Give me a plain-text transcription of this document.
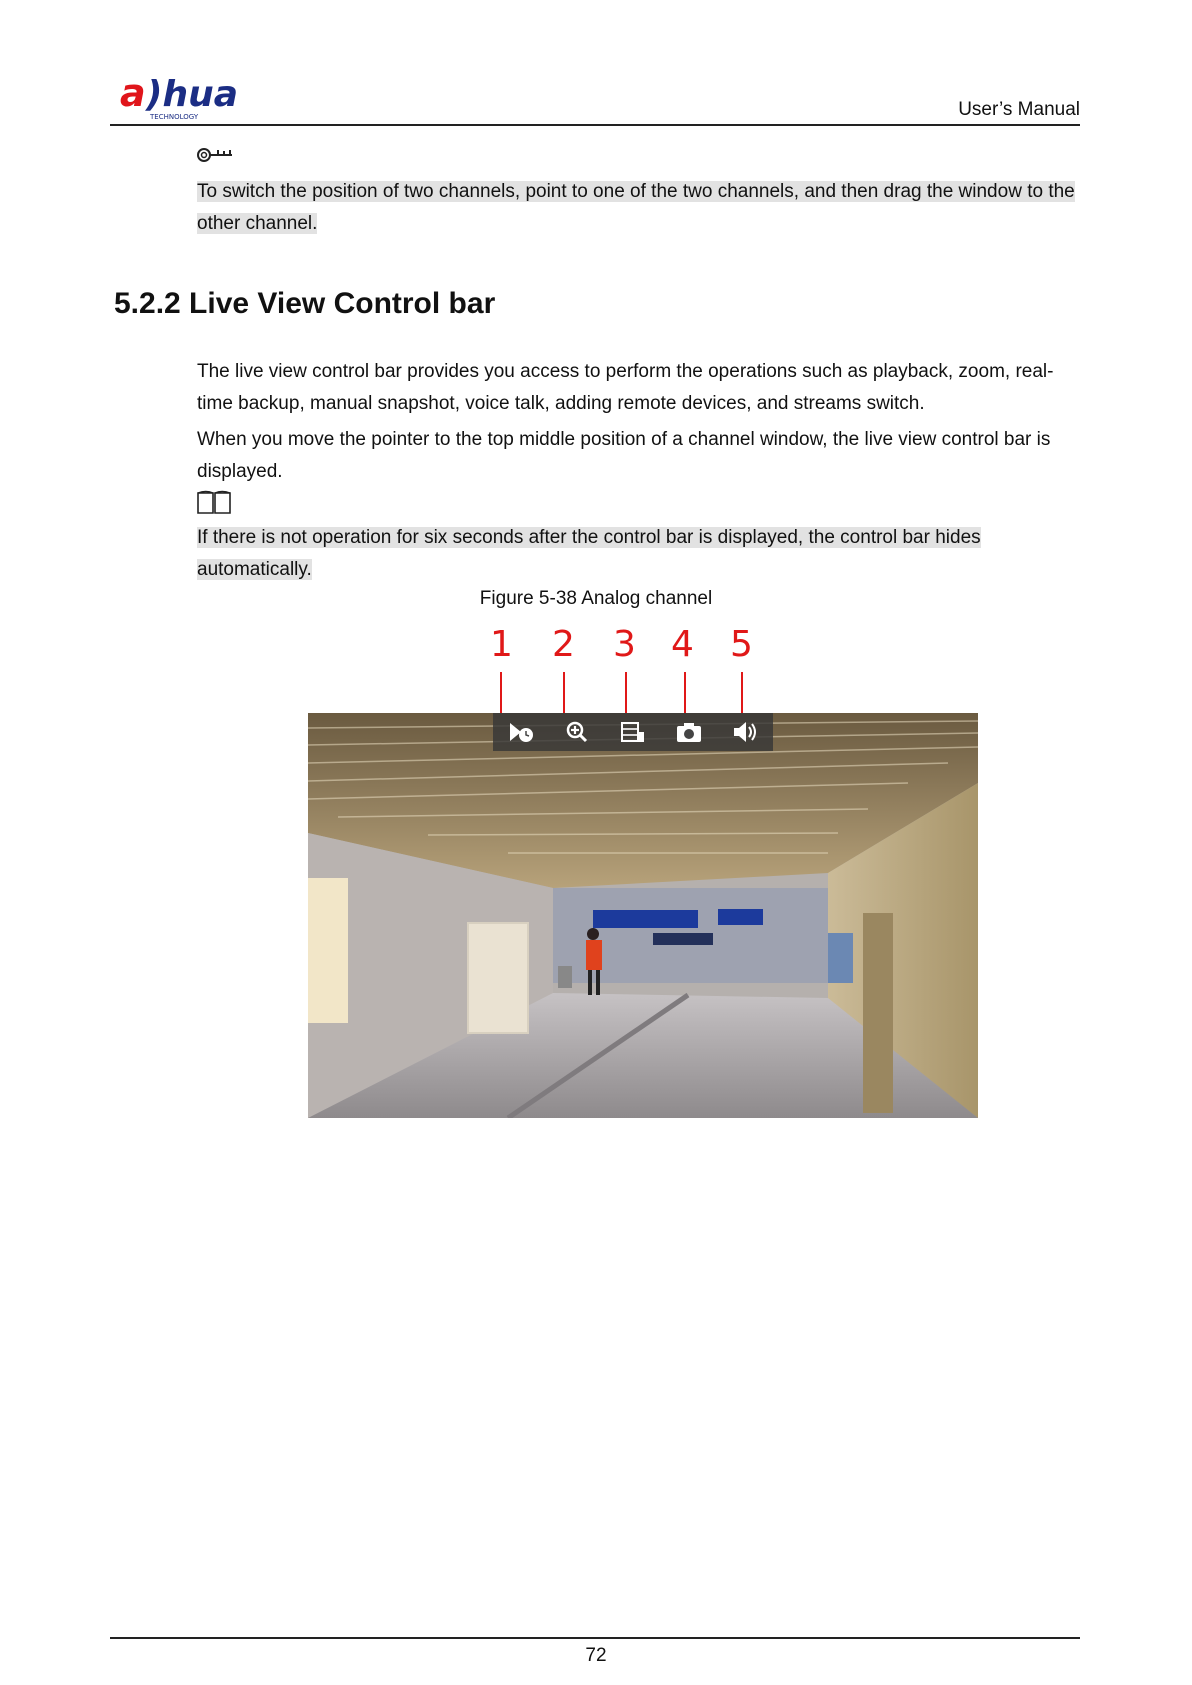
a )hua
TECHNOLOGY	User’s Manual
To switch the position of two channels, point to one of the two channels, and then drag the window to the other channel.
5.2.2 Live View Control bar

The live view control bar provides you access to perform the operations such as playback, zoom, real-time backup, manual snapshot, voice talk, adding remote devices, and streams switch.

When you move the pointer to the top middle position of a channel window, the live view control bar is displayed.

If there is not operation for six seconds after the control bar is displayed, the control bar hides automatically.
Figure 5-38 Analog channel
1 2 3 4 5
72
